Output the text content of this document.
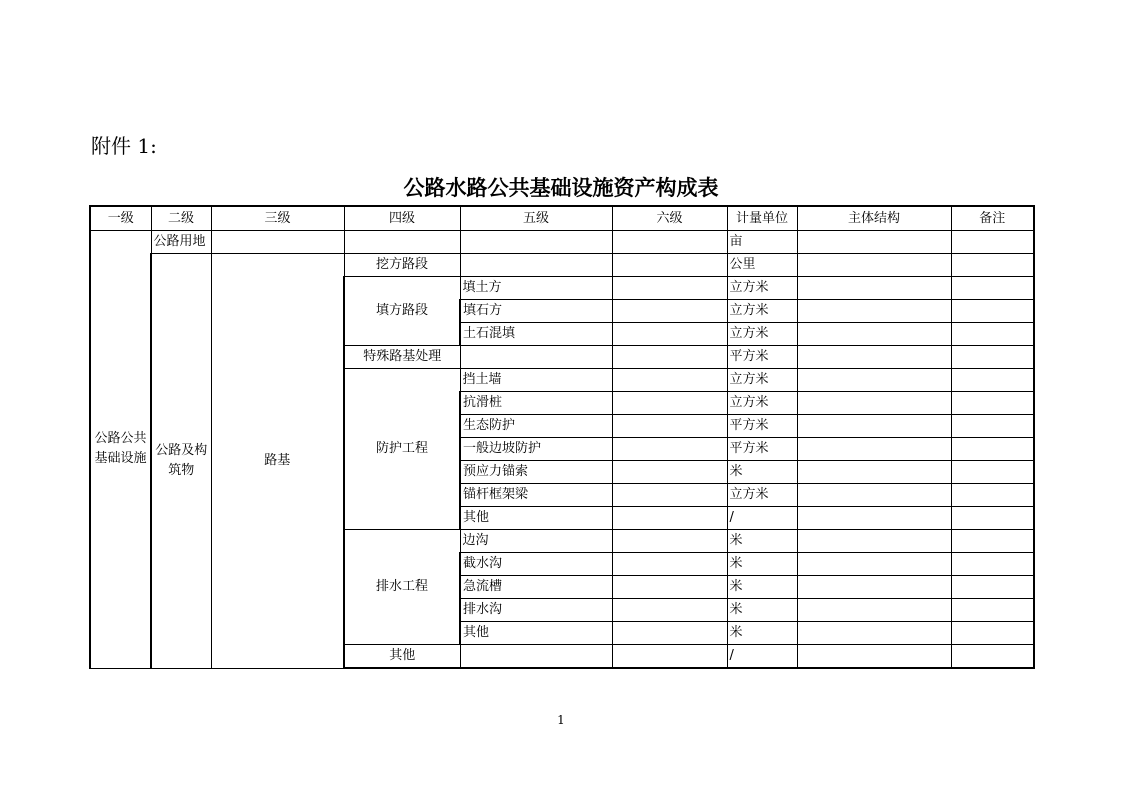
附件 1:
公路水路公共基础设施资产构成表
一级	二级	三级	四级	五级	六级	计量单位	主体结构	备注
公路公共基础设施	公路用地					亩		
	公路及构筑物	路基	挖方路段			公里		
			填方路段	填土方		立方米		
				填石方		立方米		
				土石混填		立方米		
			特殊路基处理			平方米		
			防护工程	挡土墙		立方米		
				抗滑桩		立方米		
				生态防护		平方米		
				一般边坡防护		平方米		
				预应力锚索		米		
				锚杆框架梁		立方米		
				其他		/		
			排水工程	边沟		米		
				截水沟		米		
				急流槽		米		
				排水沟		米		
				其他		米		
			其他			/		
1
